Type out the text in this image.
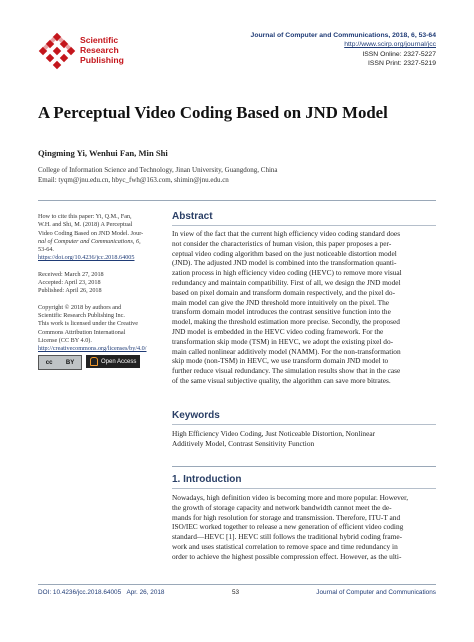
Scientific
Research
Publishing
Journal of Computer and Communications, 2018, 6, 53-64
http://www.scirp.org/journal/jcc
ISSN Online: 2327-5227
ISSN Print: 2327-5219
A Perceptual Video Coding Based on JND Model
Qingming Yi, Wenhui Fan, Min Shi
College of Information Science and Technology, Jinan University, Guangdong, China
Email: tyqm@jnu.edu.cn, hbyc_fwh@163.com, shimin@jnu.edu.cn
How to cite this paper: Yi, Q.M., Fan,
W.H. and Shi, M. (2018) A Perceptual
Video Coding Based on JND Model. Jour-
nal of Computer and Communications, 6,
53-64.
https://doi.org/10.4236/jcc.2018.64005
Received: March 27, 2018
Accepted: April 23, 2018
Published: April 26, 2018
Copyright © 2018 by authors and
Scientific Research Publishing Inc.
This work is licensed under the Creative
Commons Attribution International
License (CC BY 4.0).
http://creativecommons.org/licenses/by/4.0/
cc BY	Open Access
Abstract
In view of the fact that the current high efficiency video coding standard does
not consider the characteristics of human vision, this paper proposes a per-
ceptual video coding algorithm based on the just noticeable distortion model
(JND). The adjusted JND model is combined into the transformation quanti-
zation process in high efficiency video coding (HEVC) to remove more visual
redundancy and maintain compatibility. First of all, we design the JND model
based on pixel domain and transform domain respectively, and the pixel do-
main model can give the JND threshold more intuitively on the pixel. The
transform domain model introduces the contrast sensitive function into the
model, making the threshold estimation more precise. Secondly, the proposed
JND model is embedded in the HEVC video coding framework. For the
transformation skip mode (TSM) in HEVC, we adopt the existing pixel do-
main called nonlinear additively model (NAMM). For the non-transformation
skip mode (non-TSM) in HEVC, we use transform domain JND model to
further reduce visual redundancy. The simulation results show that in the case
of the same visual subjective quality, the algorithm can save more bitrates.
Keywords
High Efficiency Video Coding, Just Noticeable Distortion, Nonlinear
Additively Model, Contrast Sensitivity Function
1. Introduction
Nowadays, high definition video is becoming more and more popular. However,
the growth of storage capacity and network bandwidth cannot meet the de-
mands for high resolution for storage and transmission. Therefore, ITU-T and
ISO/IEC worked together to release a new generation of efficient video coding
standard—HEVC [1]. HEVC still follows the traditional hybrid coding frame-
work and uses statistical correlation to remove space and time redundancy in
order to achieve the highest possible compression effect. However, as the ulti-
DOI: 10.4236/jcc.2018.64005 Apr. 26, 2018	53	Journal of Computer and Communications
